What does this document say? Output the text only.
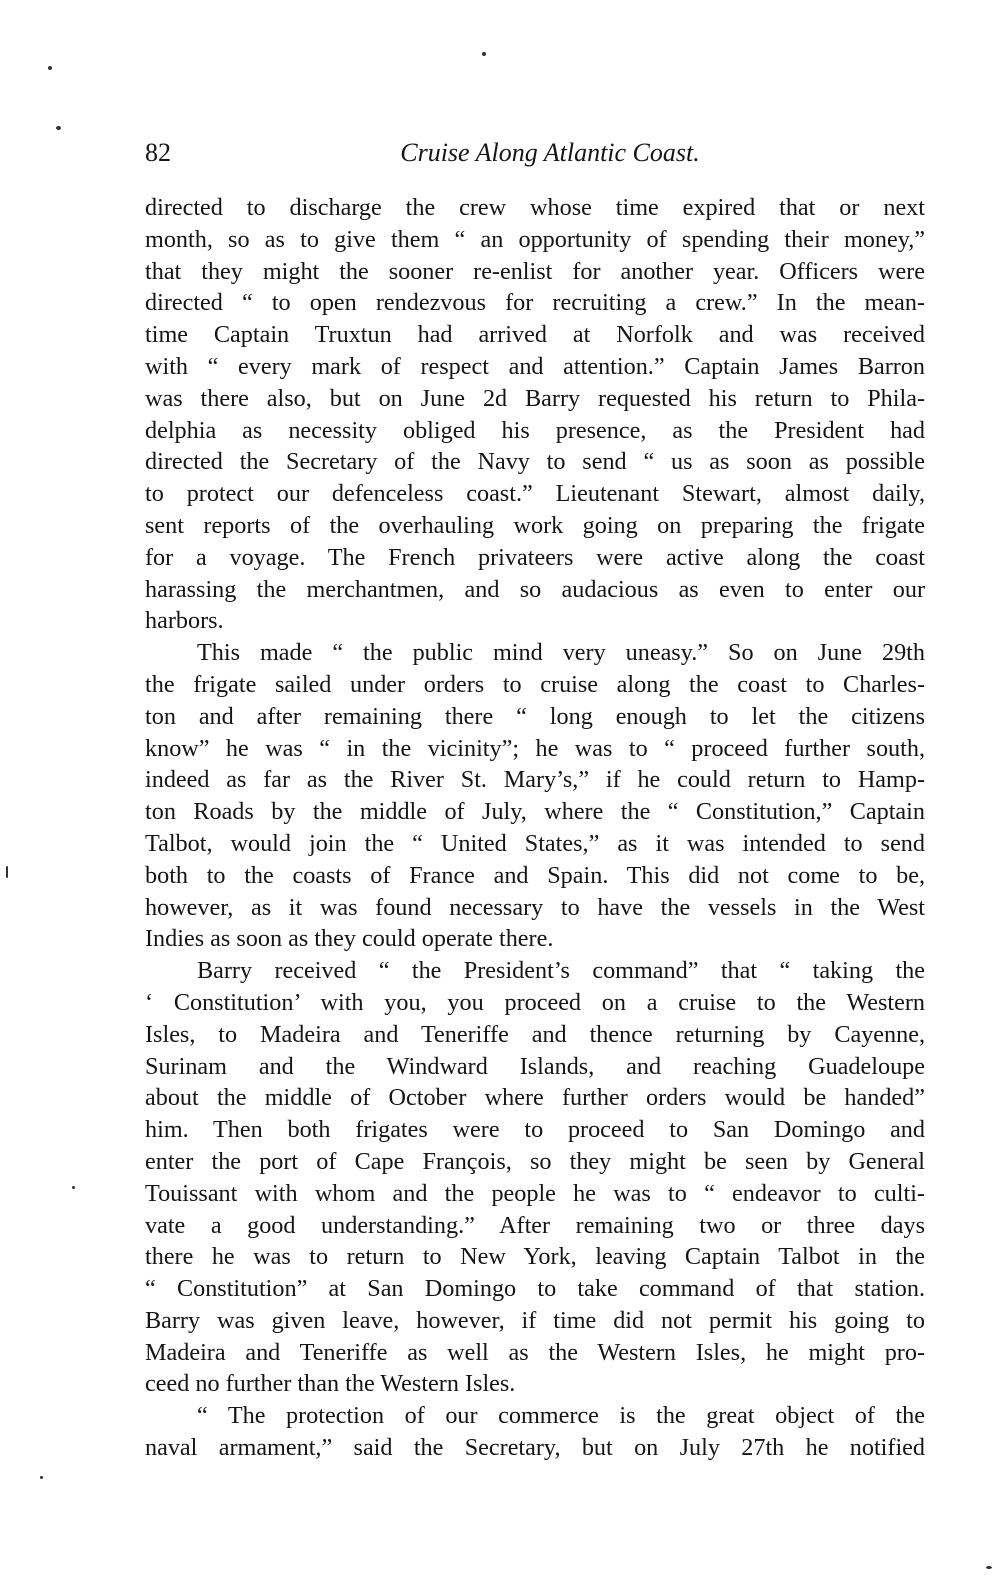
82	Cruise Along Atlantic Coast.

directed to discharge the crew whose time expired that or next

month, so as to give them “ an opportunity of spending their money,”

that they might the sooner re-enlist for another year. Officers were

directed “ to open rendezvous for recruiting a crew.” In the mean-

time Captain Truxtun had arrived at Norfolk and was received

with “ every mark of respect and attention.” Captain James Barron

was there also, but on June 2d Barry requested his return to Phila-

delphia as necessity obliged his presence, as the President had

directed the Secretary of the Navy to send “ us as soon as possible

to protect our defenceless coast.” Lieutenant Stewart, almost daily,

sent reports of the overhauling work going on preparing the frigate

for a voyage. The French privateers were active along the coast

harassing the merchantmen, and so audacious as even to enter our

harbors.

This made “ the public mind very uneasy.” So on June 29th

the frigate sailed under orders to cruise along the coast to Charles-

ton and after remaining there “ long enough to let the citizens

know” he was “ in the vicinity”; he was to “ proceed further south,

indeed as far as the River St. Mary’s,” if he could return to Hamp-

ton Roads by the middle of July, where the “ Constitution,” Captain

Talbot, would join the “ United States,” as it was intended to send

both to the coasts of France and Spain. This did not come to be,

however, as it was found necessary to have the vessels in the West

Indies as soon as they could operate there.

Barry received “ the President’s command” that “ taking the

‘ Constitution’ with you, you proceed on a cruise to the Western

Isles, to Madeira and Teneriffe and thence returning by Cayenne,

Surinam and the Windward Islands, and reaching Guadeloupe

about the middle of October where further orders would be handed”

him. Then both frigates were to proceed to San Domingo and

enter the port of Cape François, so they might be seen by General

Touissant with whom and the people he was to “ endeavor to culti-

vate a good understanding.” After remaining two or three days

there he was to return to New York, leaving Captain Talbot in the

“ Constitution” at San Domingo to take command of that station.

Barry was given leave, however, if time did not permit his going to

Madeira and Teneriffe as well as the Western Isles, he might pro-

ceed no further than the Western Isles.

“ The protection of our commerce is the great object of the

naval armament,” said the Secretary, but on July 27th he notified
